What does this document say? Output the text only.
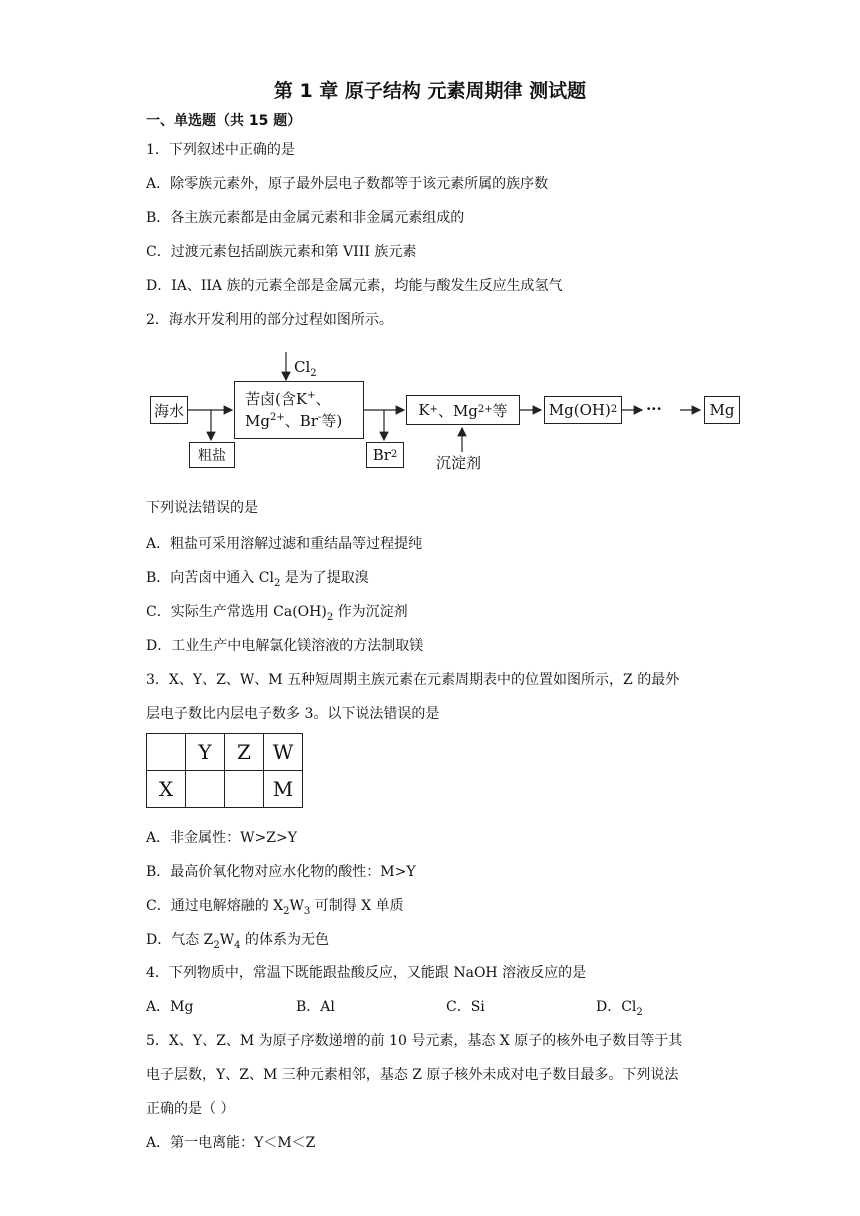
第 1 章 原子结构 元素周期律 测试题
一、单选题（共 15 题）
1．下列叙述中正确的是
A．除零族元素外，原子最外层电子数都等于该元素所属的族序数
B．各主族元素都是由金属元素和非金属元素组成的
C．过渡元素包括副族元素和第 VIII 族元素
D．IA、IIA 族的元素全部是金属元素，均能与酸发生反应生成氢气
2．海水开发利用的部分过程如图所示。
海水
$Cl_2$
苦卤(含K+、
$Mg^{2+}$、Br-等)
粗盐	Br 2
K + 、Mg 2+ 等
沉淀剂
Mg(OH) 2 ···	Mg
下列说法错误的是
A．粗盐可采用溶解过滤和重结晶等过程提纯
B．向苦卤中通入 $Cl_2$ 是为了提取溴
C．实际生产常选用 $Ca(OH)_2$ 作为沉淀剂
D．工业生产中电解氯化镁溶液的方法制取镁
3．X、Y、Z、W、M 五种短周期主族元素在元素周期表中的位置如图所示，Z 的最外
层电子数比内层电子数多 3。以下说法错误的是
	Y	Z	W
X			M
A．非金属性：W>Z>Y
B．最高价氧化物对应水化物的酸性：M>Y
C．通过电解熔融的 $X_2W_3$ 可制得 X 单质
D．气态 $Z_2W_4$ 的体系为无色
4．下列物质中，常温下既能跟盐酸反应，又能跟 NaOH 溶液反应的是
A．Mg	B．Al	C．Si	D．$Cl_2$
5．X、Y、Z、M 为原子序数递增的前 10 号元素，基态 X 原子的核外电子数目等于其
电子层数，Y、Z、M 三种元素相邻，基态 Z 原子核外未成对电子数目最多。下列说法
正确的是（ ）
A．第一电离能：Y＜M＜Z
